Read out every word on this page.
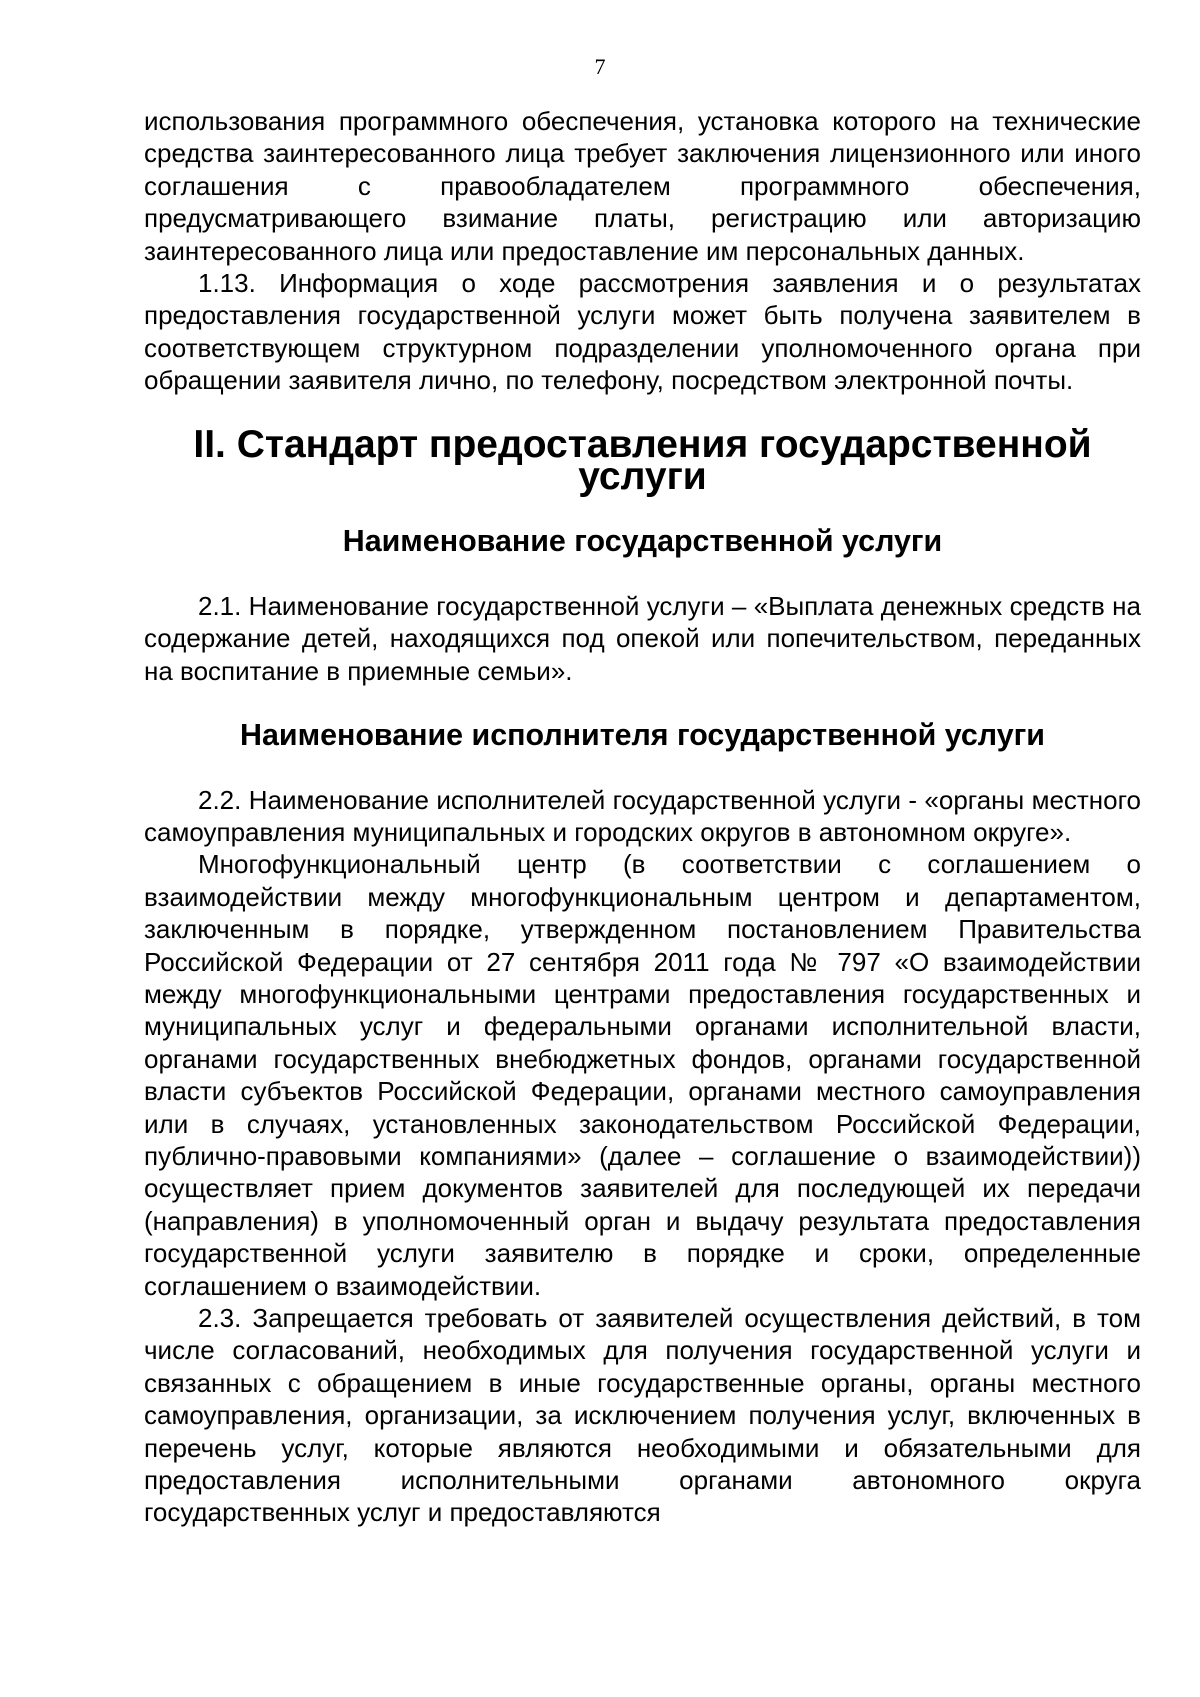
7

использования программного обеспечения, установка которого на технические средства заинтересованного лица требует заключения лицензионного или иного соглашения с правообладателем программного обеспечения, предусматривающего взимание платы, регистрацию или авторизацию заинтересованного лица или предоставление им персональных данных.

1.13. Информация о ходе рассмотрения заявления и о результатах предоставления государственной услуги может быть получена заявителем в соответствующем структурном подразделении уполномоченного органа при обращении заявителя лично, по телефону, посредством электронной почты.

II. Стандарт предоставления государственной услуги
Наименование государственной услуги

2.1. Наименование государственной услуги – «Выплата денежных средств на содержание детей, находящихся под опекой или попечительством, переданных на воспитание в приемные семьи».

Наименование исполнителя государственной услуги

2.2. Наименование исполнителей государственной услуги - «органы местного самоуправления муниципальных и городских округов в автономном округе».

Многофункциональный центр (в соответствии с соглашением о взаимодействии между многофункциональным центром и департаментом, заключенным в порядке, утвержденном постановлением Правительства Российской Федерации от 27 сентября 2011 года № 797 «О взаимодействии между многофункциональными центрами предоставления государственных и муниципальных услуг и федеральными органами исполнительной власти, органами государственных внебюджетных фондов, органами государственной власти субъектов Российской Федерации, органами местного самоуправления или в случаях, установленных законодательством Российской Федерации, публично-правовыми компаниями» (далее – соглашение о взаимодействии)) осуществляет прием документов заявителей для последующей их передачи (направления) в уполномоченный орган и выдачу результата предоставления государственной услуги заявителю в порядке и сроки, определенные соглашением о взаимодействии.

2.3. Запрещается требовать от заявителей осуществления действий, в том числе согласований, необходимых для получения государственной услуги и связанных с обращением в иные государственные органы, органы местного самоуправления, организации, за исключением получения услуг, включенных в перечень услуг, которые являются необходимыми и обязательными для предоставления исполнительными органами автономного округа государственных услуг и предоставляются
